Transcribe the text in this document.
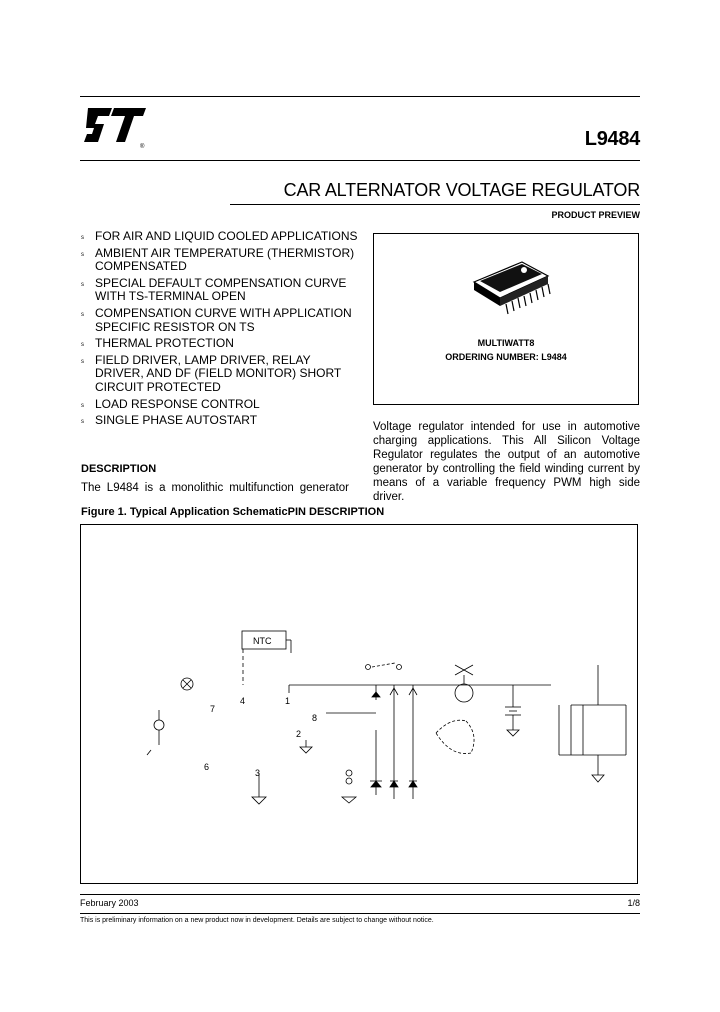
®	L9484
CAR ALTERNATOR VOLTAGE REGULATOR
PRODUCT PREVIEW
s FOR AIR AND LIQUID COOLED APPLICATIONS
s AMBIENT AIR TEMPERATURE (THERMISTOR) COMPENSATED
s SPECIAL DEFAULT COMPENSATION CURVE WITH TS-TERMINAL OPEN
s COMPENSATION CURVE WITH APPLICATION SPECIFIC RESISTOR ON TS
s THERMAL PROTECTION
s FIELD DRIVER, LAMP DRIVER, RELAY DRIVER, AND DF (FIELD MONITOR) SHORT CIRCUIT PROTECTED
s LOAD RESPONSE CONTROL
s SINGLE PHASE AUTOSTART
MULTIWATT8
ORDERING NUMBER: L9484
Voltage regulator intended for use in automotive charging applications. This All Silicon Voltage Regulator regulates the output of an automotive generator by controlling the field winding current by means of a variable frequency PWM high side driver.
DESCRIPTION
The L9484 is a monolithic multifunction generator
Figure 1. Typical Application SchematicPIN DESCRIPTION
NTC
7
4	1
8
2
6
3
February 2003	1/8
This is preliminary information on a new product now in development. Details are subject to change without notice.
